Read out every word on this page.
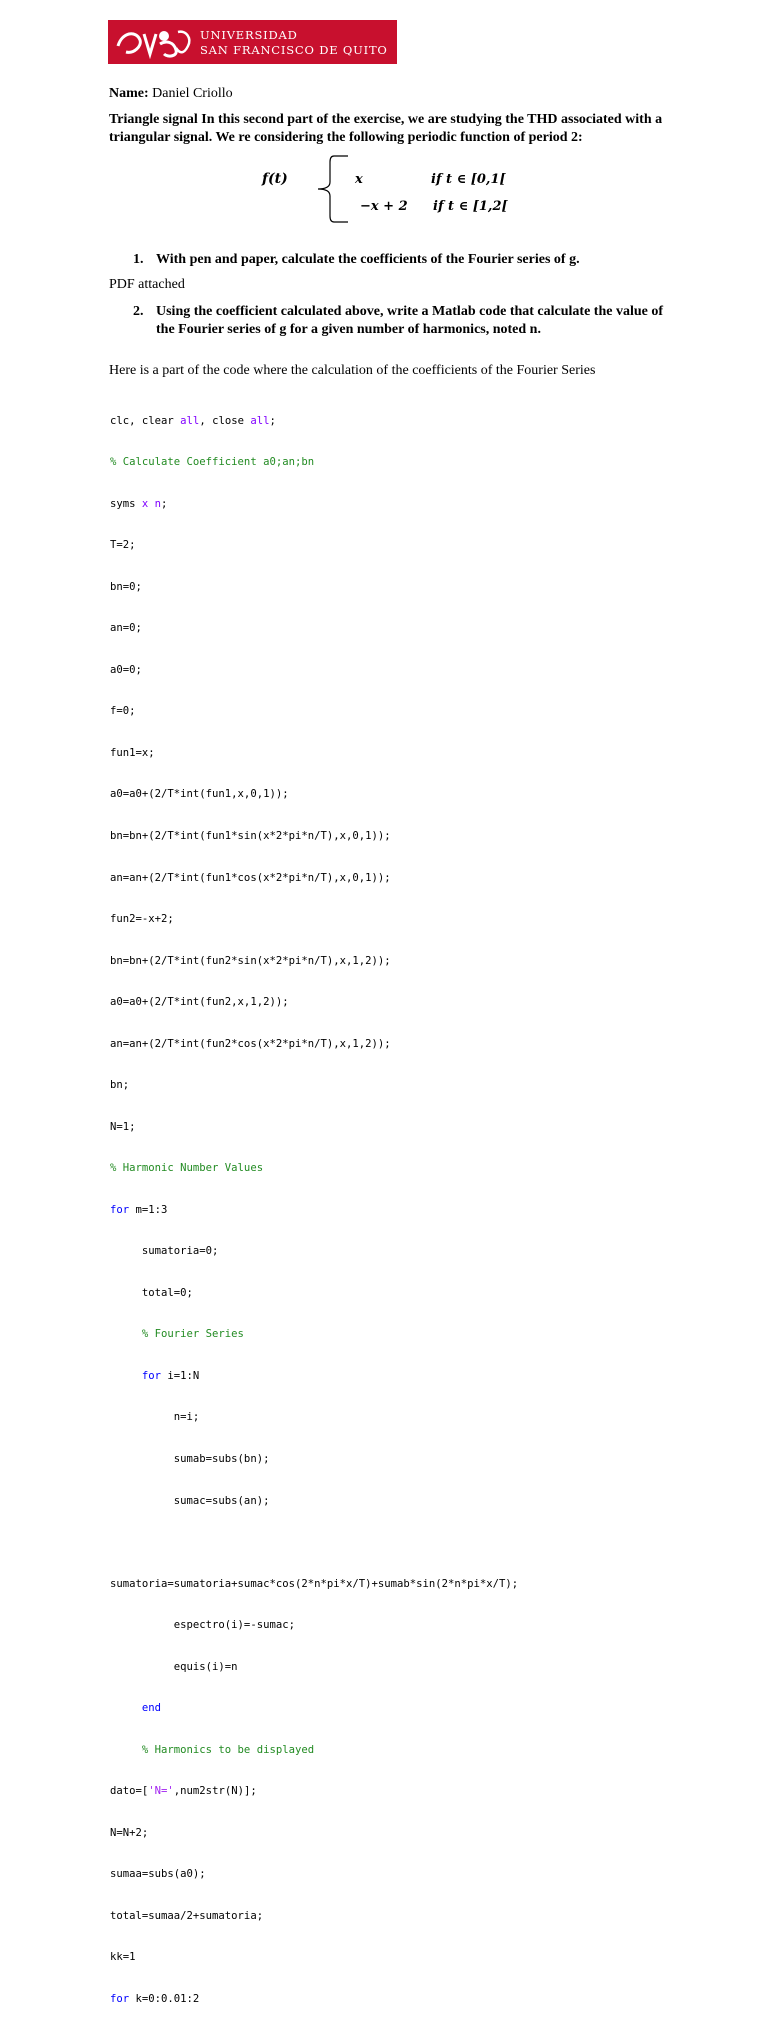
UNIVERSIDAD
SAN FRANCISCO DE QUITO
Name: Daniel Criollo
Triangle signal In this second part of the exercise, we are studying the THD associated with a triangular signal. We re considering the following periodic function of period 2:
f(t)	x	if t ∈ [0,1[
−x + 2 if t ∈ [1,2[
1. With pen and paper, calculate the coefficients of the Fourier series of g.
PDF attached
2. Using the coefficient calculated above, write a Matlab code that calculate the value of the Fourier series of g for a given number of harmonics, noted n.
Here is a part of the code where the calculation of the coefficients of the Fourier Series

clc, clear all, close all;

% Calculate Coefficient a0;an;bn

syms x n;

T=2;

bn=0;

an=0;

a0=0;

f=0;

fun1=x;

a0=a0+(2/T*int(fun1,x,0,1));

bn=bn+(2/T*int(fun1*sin(x*2*pi*n/T),x,0,1));

an=an+(2/T*int(fun1*cos(x*2*pi*n/T),x,0,1));

fun2=-x+2;

bn=bn+(2/T*int(fun2*sin(x*2*pi*n/T),x,1,2));

a0=a0+(2/T*int(fun2,x,1,2));

an=an+(2/T*int(fun2*cos(x*2*pi*n/T),x,1,2));

bn;

N=1;

% Harmonic Number Values

for m=1:3

sumatoria=0;

total=0;

% Fourier Series

for i=1:N

n=i;

sumab=subs(bn);

sumac=subs(an);

sumatoria=sumatoria+sumac*cos(2*n*pi*x/T)+sumab*sin(2*n*pi*x/T);

espectro(i)=-sumac;

equis(i)=n

end

% Harmonics to be displayed

dato=['N=',num2str(N)];

N=N+2;

sumaa=subs(a0);

total=sumaa/2+sumatoria;

kk=1

for k=0:0.01:2
